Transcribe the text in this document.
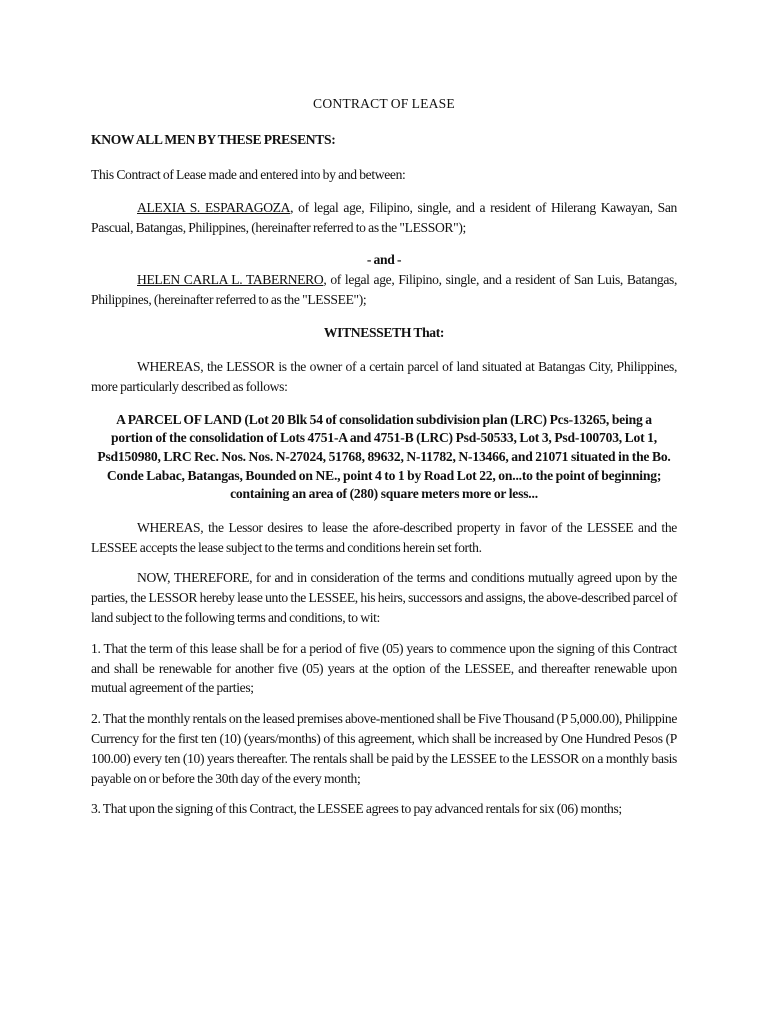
CONTRACT OF LEASE

KNOW ALL MEN BY THESE PRESENTS:

This Contract of Lease made and entered into by and between:

ALEXIA S. ESPARAGOZA, of legal age, Filipino, single, and a resident of Hilerang Kawayan, San Pascual, Batangas, Philippines, (hereinafter referred to as the "LESSOR");

- and -

HELEN CARLA L. TABERNERO, of legal age, Filipino, single, and a resident of San Luis, Batangas, Philippines, (hereinafter referred to as the "LESSEE");

WITNESSETH That:

WHEREAS, the LESSOR is the owner of a certain parcel of land situated at Batangas City, Philippines, more particularly described as follows:

A PARCEL OF LAND (Lot 20 Blk 54 of consolidation subdivision plan (LRC) Pcs-13265, being a portion of the consolidation of Lots 4751-A and 4751-B (LRC) Psd-50533, Lot 3, Psd-100703, Lot 1, Psd150980, LRC Rec. Nos. Nos. N-27024, 51768, 89632, N-11782, N-13466, and 21071 situated in the Bo. Conde Labac, Batangas, Bounded on NE., point 4 to 1 by Road Lot 22, on...to the point of beginning; containing an area of (280) square meters more or less...

WHEREAS, the Lessor desires to lease the afore-described property in favor of the LESSEE and the LESSEE accepts the lease subject to the terms and conditions herein set forth.

NOW, THEREFORE, for and in consideration of the terms and conditions mutually agreed upon by the parties, the LESSOR hereby lease unto the LESSEE, his heirs, successors and assigns, the above-described parcel of land subject to the following terms and conditions, to wit:

1. That the term of this lease shall be for a period of five (05) years to commence upon the signing of this Contract and shall be renewable for another five (05) years at the option of the LESSEE, and thereafter renewable upon mutual agreement of the parties;

2. That the monthly rentals on the leased premises above-mentioned shall be Five Thousand (P 5,000.00), Philippine Currency for the first ten (10) (years/months) of this agreement, which shall be increased by One Hundred Pesos (P 100.00) every ten (10) years thereafter. The rentals shall be paid by the LESSEE to the LESSOR on a monthly basis payable on or before the 30th day of the every month;

3. That upon the signing of this Contract, the LESSEE agrees to pay advanced rentals for six (06) months;
